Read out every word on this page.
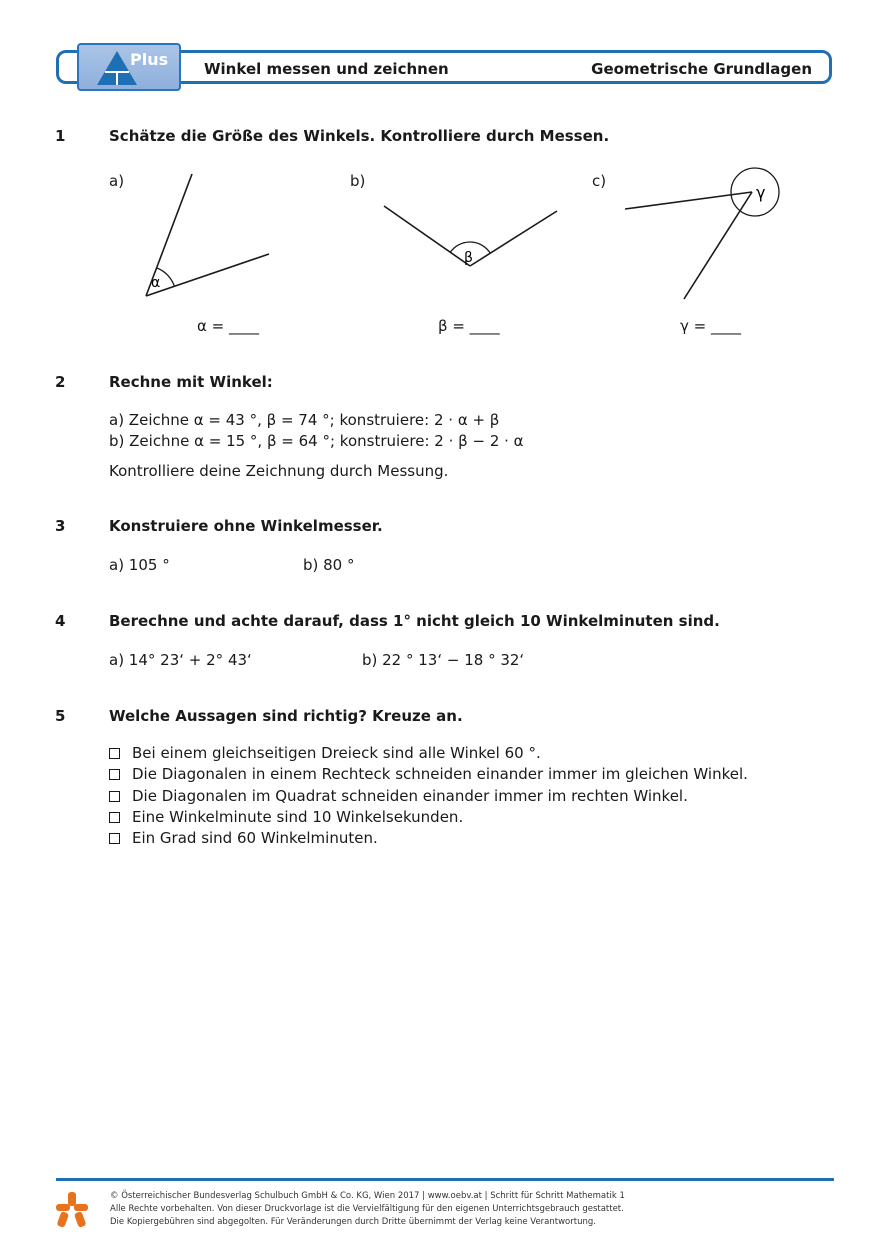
Plus Winkel messen und zeichnen	Geometrische Grundlagen
1	Schätze die Größe des Winkels. Kontrolliere durch Messen.
a)	b)	c)
α
β
γ
α = ____	β = ____	γ = ____
2	Rechne mit Winkel:
a) Zeichne α = 43 °, β = 74 °; konstruiere: 2 · α + β
b) Zeichne α = 15 °, β = 64 °; konstruiere: 2 · β − 2 · α
Kontrolliere deine Zeichnung durch Messung.
3	Konstruiere ohne Winkelmesser.
a) 105 °	b) 80 °
4	Berechne und achte darauf, dass 1° nicht gleich 10 Winkelminuten sind.
a) 14° 23‘ + 2° 43‘	b) 22 ° 13‘ − 18 ° 32‘
5	Welche Aussagen sind richtig? Kreuze an.
Bei einem gleichseitigen Dreieck sind alle Winkel 60 °.
Die Diagonalen in einem Rechteck schneiden einander immer im gleichen Winkel.
Die Diagonalen im Quadrat schneiden einander immer im rechten Winkel.
Eine Winkelminute sind 10 Winkelsekunden.
Ein Grad sind 60 Winkelminuten.
© Österreichischer Bundesverlag Schulbuch GmbH & Co. KG, Wien 2017 | www.oebv.at | Schritt für Schritt Mathematik 1
Alle Rechte vorbehalten. Von dieser Druckvorlage ist die Vervielfältigung für den eigenen Unterrichtsgebrauch gestattet.
Die Kopiergebühren sind abgegolten. Für Veränderungen durch Dritte übernimmt der Verlag keine Verantwortung.
